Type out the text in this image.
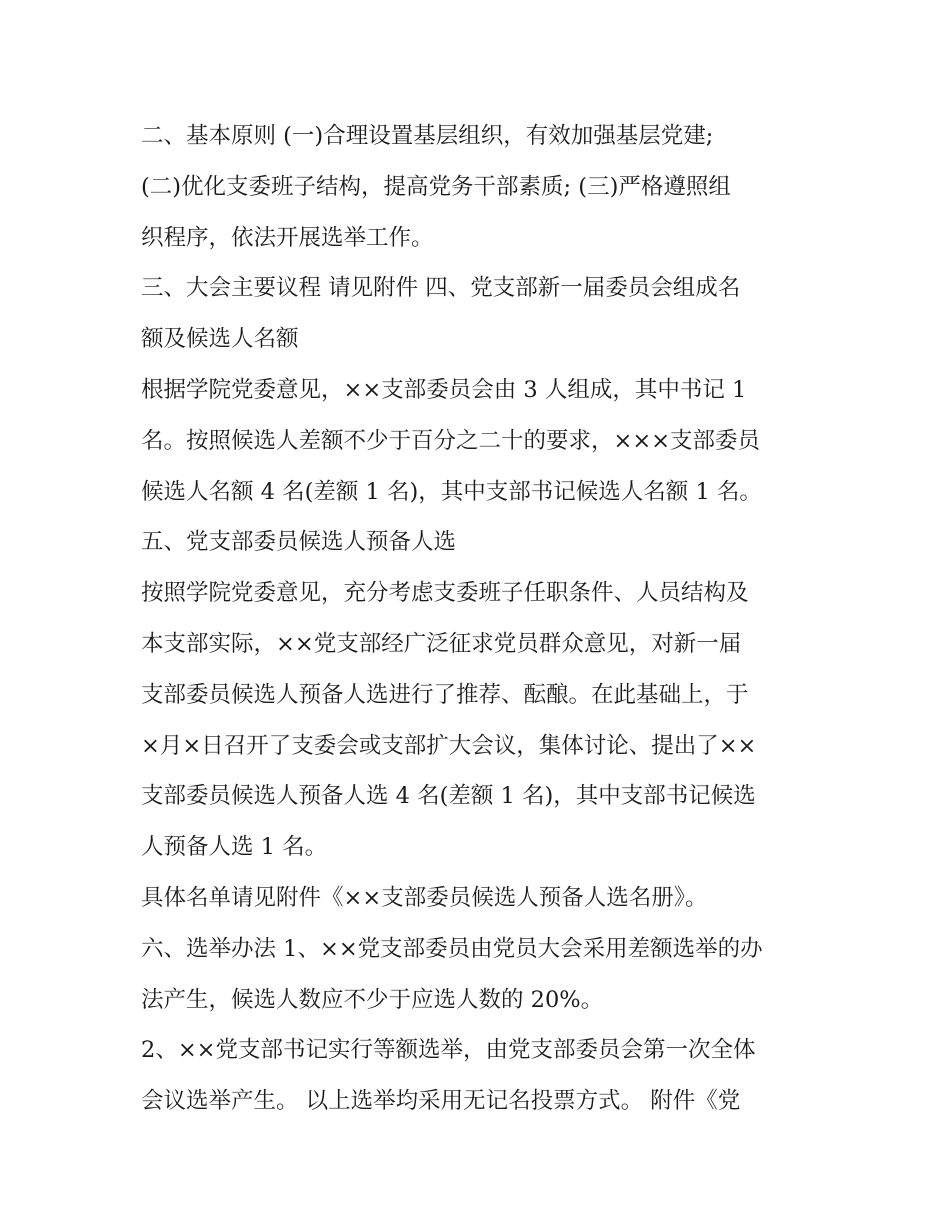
二、基本原则 (一)合理设置基层组织，有效加强基层党建;
(二)优化支委班子结构，提高党务干部素质; (三)严格遵照组
织程序，依法开展选举工作。
三、大会主要议程 请见附件 四、党支部新一届委员会组成名
额及候选人名额
根据学院党委意见，××支部委员会由 3 人组成，其中书记 1
名。按照候选人差额不少于百分之二十的要求，×××支部委员
候选人名额 4 名(差额 1 名)，其中支部书记候选人名额 1 名。
五、党支部委员候选人预备人选
按照学院党委意见，充分考虑支委班子任职条件、人员结构及
本支部实际，××党支部经广泛征求党员群众意见，对新一届
支部委员候选人预备人选进行了推荐、酝酿。在此基础上，于
×月×日召开了支委会或支部扩大会议，集体讨论、提出了××
支部委员候选人预备人选 4 名(差额 1 名)，其中支部书记候选
人预备人选 1 名。
具体名单请见附件《××支部委员候选人预备人选名册》。
六、选举办法 1、××党支部委员由党员大会采用差额选举的办
法产生，候选人数应不少于应选人数的 20%。
2、××党支部书记实行等额选举，由党支部委员会第一次全体
会议选举产生。 以上选举均采用无记名投票方式。 附件《党
